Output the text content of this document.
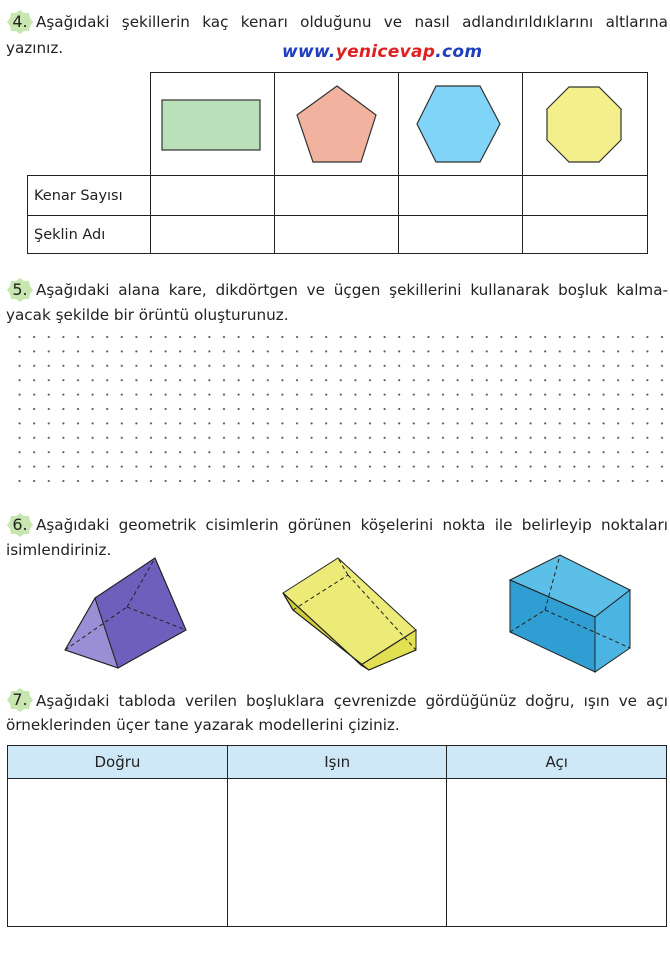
4. Aşağıdaki şekillerin kaç kenarı olduğunu ve nasıl adlandırıldıklarını altlarına

yazınız.	www.yenicevap.com

Kenar Sayısı				
Şeklin Adı				
5. Aşağıdaki alana kare, dikdörtgen ve üçgen şekillerini kullanarak boşluk kalma-

yacak şekilde bir örüntü oluşturunuz.
6. Aşağıdaki geometrik cisimlerin görünen köşelerini nokta ile belirleyip noktaları

isimlendiriniz.
7. Aşağıdaki tabloda verilen boşluklara çevrenizde gördüğünüz doğru, ışın ve açı

örneklerinden üçer tane yazarak modellerini çiziniz.
Doğru	Işın	Açı
